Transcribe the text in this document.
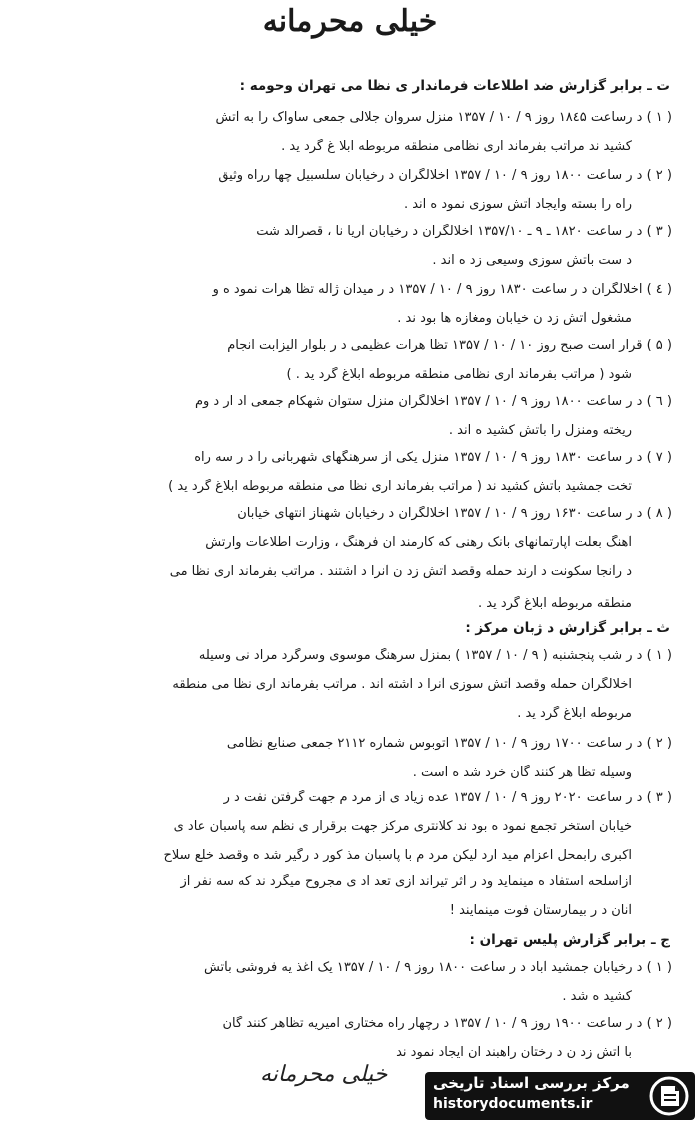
خیلی محرمانه
ت ـ برابر گزارش ضد اطلاعات فرماندار ی نظا می تهران وحومه :
( ۱ ) د رساعت ۱۸٤۵ روز ۹ / ۱۰ / ۱۳۵۷ منزل سروان جلالی جمعی ساواک را به آتش
کشید ند مراتب بفرماند اری نظامی منطقه مربوطه ابلا غ گرد ید .
( ۲ ) د ر ساعت ۱۸۰۰ روز ۹ / ۱۰ / ۱۳۵۷ اخلالگران د رخیابان سلسبیل چها رراه وثیق
راه را بسته وایجاد آتش سوزی نمود ه اند .
( ۳ ) د ر ساعت ۱۸۲۰ ـ ۹ ـ ۱۳۵۷/۱۰ اخلالگران د رخیابان آریا نا ، قصرالد شت
د ست بآتش سوزی وسیعی زد ه اند .
( ٤ ) اخلالگران د ر ساعت ۱۸۳۰ روز ۹ / ۱۰ / ۱۳۵۷ د ر میدان ژاله تظا هرات نمود ه و
مشغول آتش زد ن خیابان ومغازه ها بود ند .
( ۵ ) قرار است صبح روز ۱۰ / ۱۰ / ۱۳۵۷ تظا هرات عظیمی د ر بلوار الیزابت انجام
شود ( مراتب بفرماند اری نظامی منطقه مربوطه ابلاغ گرد ید . )
( ٦ ) د ر ساعت ۱۸۰۰ روز ۹ / ۱۰ / ۱۳۵۷ اخلالگران منزل ستوان شهکام جمعی اد ار د وم
ریخته ومنزل را بآتش کشید ه اند .
( ۷ ) د ر ساعت ۱۸۳۰ روز ۹ / ۱۰ / ۱۳۵۷ منزل یکی از سرهنگهای شهربانی را د ر سه راه
تخت جمشید بآتش کشید ند ( مراتب بفرماند اری نظا می منطقه مربوطه ابلاغ گرد ید )
( ۸ ) د ر ساعت ۱۶۳۰ روز ۹ / ۱۰ / ۱۳۵۷ اخلالگران د رخیابان شهناز انتهای خیابان
آهنگ بعلت آپارتمانهای بانک رهنی که کارمند ان فرهنگ ، وزارت اطلاعات وارتش
د رآنجا سکونت د ارند حمله وقصد آتش زد ن آنرا د اشتند . مراتب بفرماند اری نظا می
منطقه مربوطه ابلاغ گرد ید .
ث ـ برابر گزارش د ژبان مرکز :
( ۱ ) د ر شب پنجشنبه ( ۹ / ۱۰ / ۱۳۵۷ ) بمنزل سرهنگ موسوی وسرگرد مراد نی وسیله
اخلالگران حمله وقصد آتش سوزی آنرا د اشته اند . مراتب بفرماند اری نظا می منطقه
مربوطه ابلاغ گرد ید .
( ۲ ) د ر ساعت ۱۷۰۰ روز ۹ / ۱۰ / ۱۳۵۷ اتوبوس شماره ۲۱۱۲ جمعی صنایع نظامی
وسیله تظا هر کنند گان خرد شد ه است .
( ۳ ) د ر ساعت ۲۰۲۰ روز ۹ / ۱۰ / ۱۳۵۷ عده زیاد ی از مرد م جهت گرفتن نفت د ر
خیابان استخر تجمع نمود ه بود ند کلانتری مرکز جهت برقرار ی نظم سه پاسبان عاد ی
اکبری رابمحل اعزام مید ارد لیکن مرد م با پاسبان مذ کور د رگیر شد ه وقصد خلع سلاح
ازاسلحه استفاد ه مینماید ود ر اثر تیراند ازی تعد اد ی مجروح میگرد ند که سه نفر از
آنان د ر بیمارستان فوت مینمایند !
ج ـ برابر گزارش پلیس تهران :
( ۱ ) د رخیابان جمشید آباد د ر ساعت ۱۸۰۰ روز ۹ / ۱۰ / ۱۳۵۷ یک اغذ یه فروشی بآتش
کشید ه شد .
( ۲ ) د ر ساعت ۱۹۰۰ روز ۹ / ۱۰ / ۱۳۵۷ د رچهار راه مختاری امیریه تظاهر کنند گان
با آتش زد ن د رختان راهبند ان ایجاد نمود ند
خیلی محرمانه	مرکز بررسی اسناد تاریخی
historydocuments.ir
